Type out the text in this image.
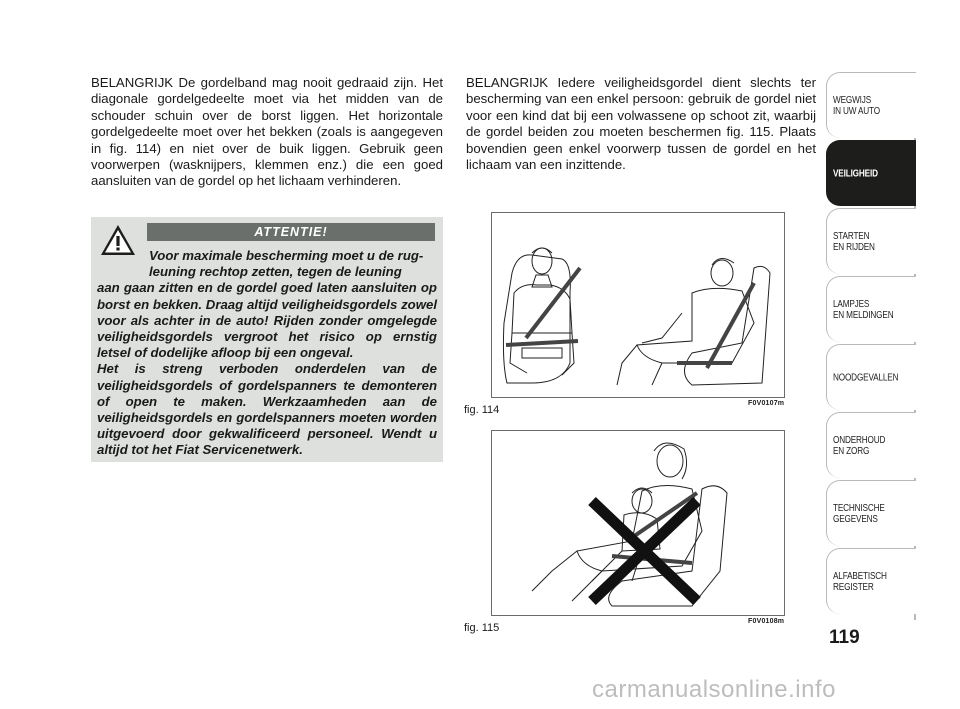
BELANGRIJK De gordelband mag nooit gedraaid zijn. Het diagonale gordelgedeelte moet via het midden van de schouder schuin over de borst liggen. Het horizontale gordelgedeelte moet over het bekken (zoals is aangegeven in fig. 114) en niet over de buik liggen. Gebruik geen voorwerpen (wasknijpers, klemmen enz.) die een goed aansluiten van de gordel op het lichaam verhinderen.

BELANGRIJK Iedere veiligheidsgordel dient slechts ter bescherming van een enkel persoon: gebruik de gordel niet voor een kind dat bij een volwassene op schoot zit, waarbij de gordel beiden zou moeten beschermen fig. 115. Plaats bovendien geen enkel voorwerp tussen de gordel en het lichaam van een inzittende.

ATTENTIE!
Voor maximale bescherming moet u de rug-
leuning rechtop zetten, tegen de leuning
aan gaan zitten en de gordel goed laten aansluiten op borst en bekken. Draag altijd veiligheidsgordels zowel voor als achter in de auto! Rijden zonder omgelegde veiligheidsgordels vergroot het risico op ernstig letsel of dodelijke afloop bij een ongeval.
Het is streng verboden onderdelen van de veiligheidsgordels of gordelspanners te demonteren of open te maken. Werkzaamheden aan de veiligheidsgordels en gordelspanners moeten worden uitgevoerd door gekwalificeerd personeel. Wendt u altijd tot het Fiat Servicenetwerk.
fig. 114
F0V0107m
fig. 115
F0V0108m
WEGWIJS
IN UW AUTO
VEILIGHEID
STARTEN
EN RIJDEN
LAMPJES
EN MELDINGEN
NOODGEVALLEN
ONDERHOUD
EN ZORG
TECHNISCHE
GEGEVENS
ALFABETISCH
REGISTER
119
carmanualsonline.info
